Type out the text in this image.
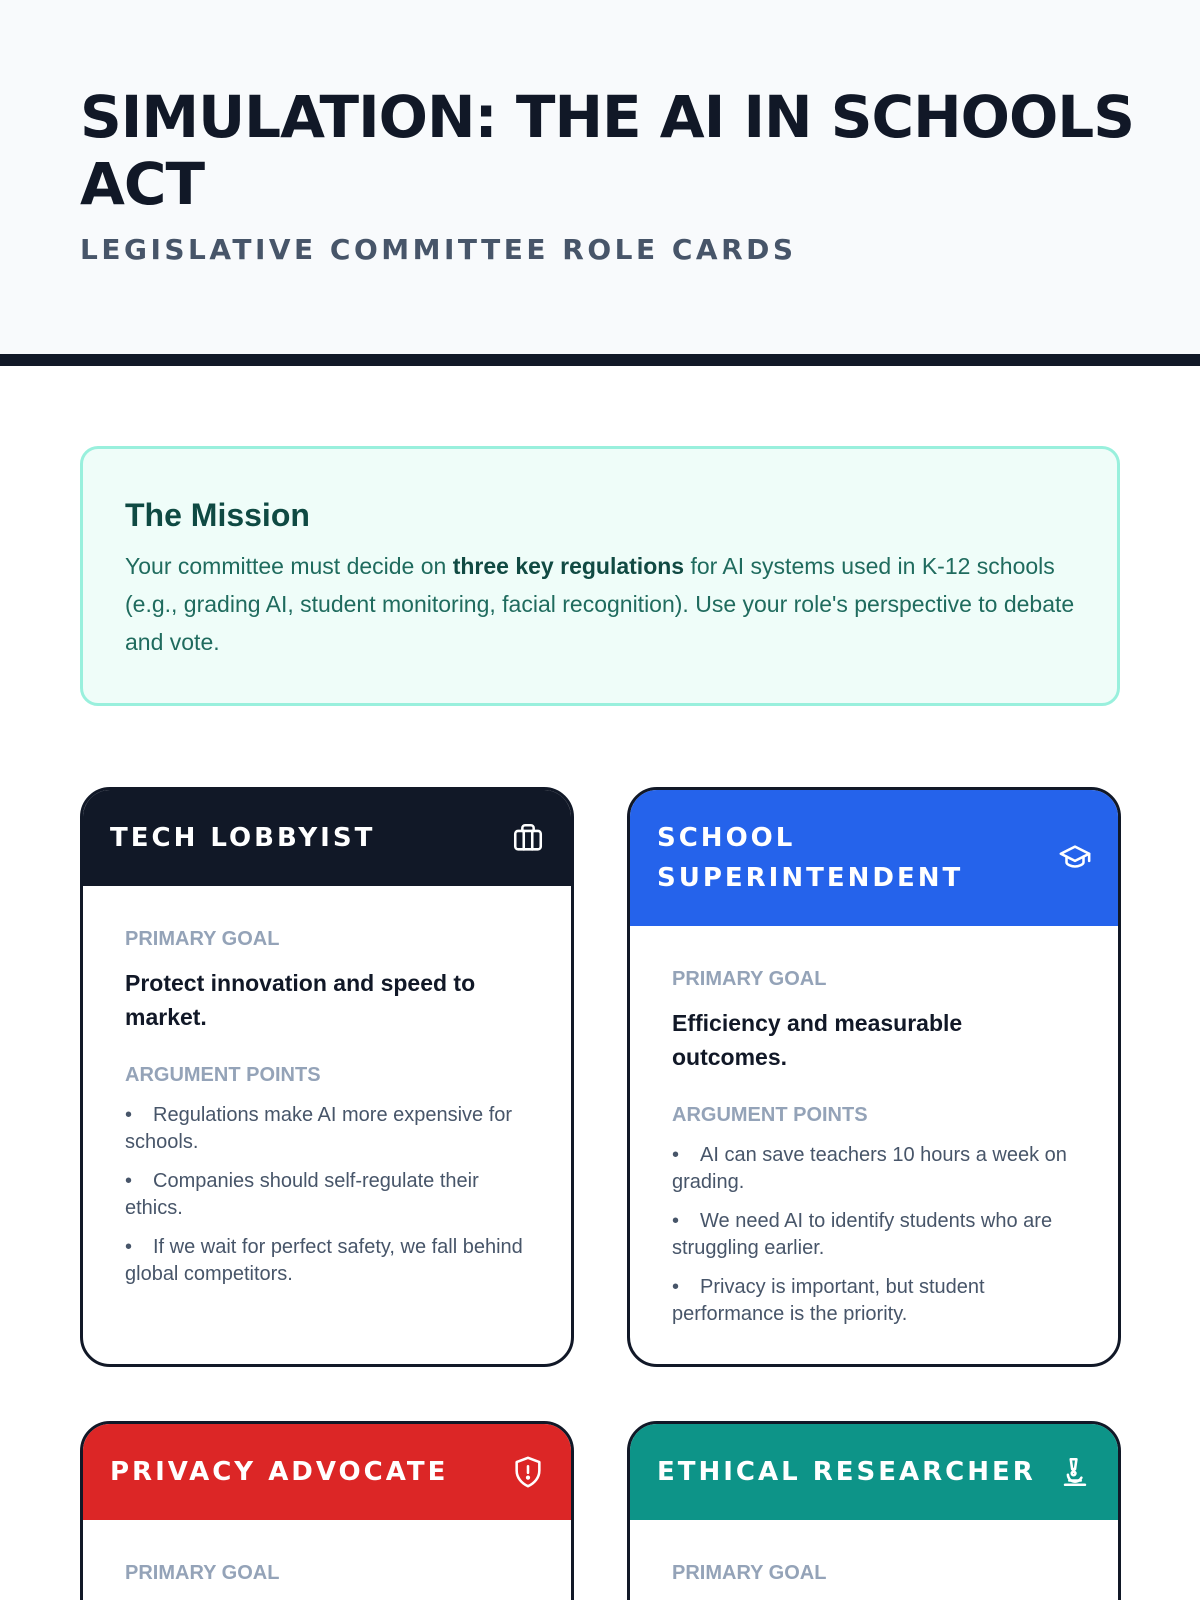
SIMULATION: THE AI IN SCHOOLS ACT
LEGISLATIVE COMMITTEE ROLE CARDS
The Mission

Your committee must decide on three key regulations for AI systems used in K-12 schools (e.g., grading AI, student monitoring, facial recognition). Use your role's perspective to debate and vote.

TECH LOBBYIST
PRIMARY GOAL
Protect innovation and speed to market.
ARGUMENT POINTS
• Regulations make AI more expensive for schools.
• Companies should self-regulate their ethics.
• If we wait for perfect safety, we fall behind global competitors.
SCHOOL SUPERINTENDENT
PRIMARY GOAL
Efficiency and measurable outcomes.
ARGUMENT POINTS
• AI can save teachers 10 hours a week on grading.
• We need AI to identify students who are struggling earlier.
• Privacy is important, but student performance is the priority.
PRIVACY ADVOCATE
PRIMARY GOAL
ETHICAL RESEARCHER
PRIMARY GOAL
